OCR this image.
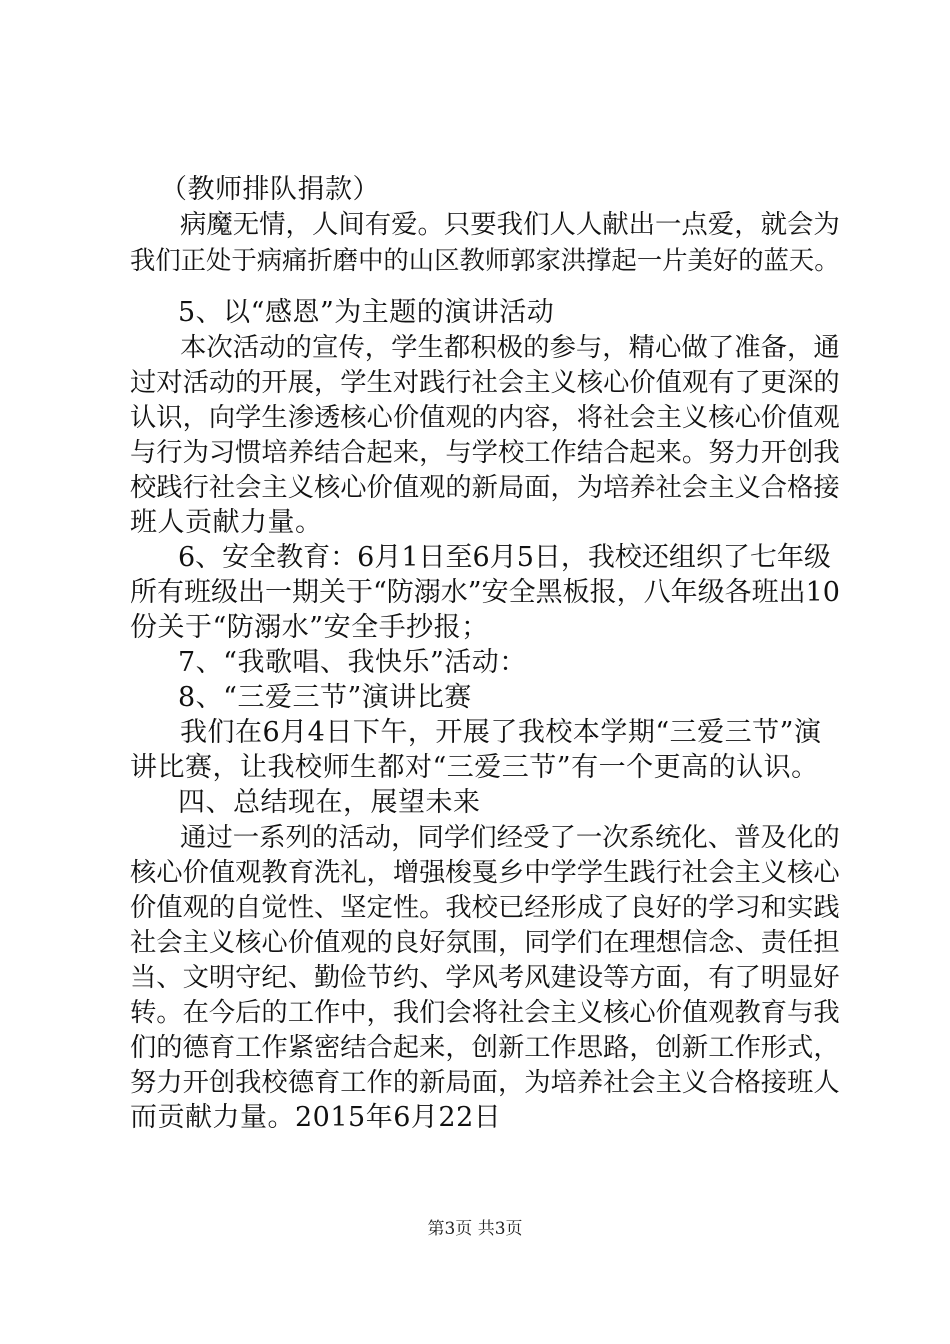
（教师排队捐款）
病魔无情，人间有爱。只要我们人人献出一点爱，就会为
我们正处于病痛折磨中的山区教师郭家洪撑起一片美好的蓝天。
5、以“感恩”为主题的演讲活动
本次活动的宣传，学生都积极的参与，精心做了准备，通
过对活动的开展，学生对践行社会主义核心价值观有了更深的
认识，向学生渗透核心价值观的内容，将社会主义核心价值观
与行为习惯培养结合起来，与学校工作结合起来。努力开创我
校践行社会主义核心价值观的新局面，为培养社会主义合格接
班人贡献力量。
6、安全教育：6月1日至6月5日，我校还组织了七年级
所有班级出一期关于“防溺水”安全黑板报，八年级各班出10
份关于“防溺水”安全手抄报；
7、“我歌唱、我快乐”活动：
8、“三爱三节”演讲比赛
我们在6月4日下午，开展了我校本学期“三爱三节”演
讲比赛，让我校师生都对“三爱三节”有一个更高的认识。
四、总结现在，展望未来
通过一系列的活动，同学们经受了一次系统化、普及化的
核心价值观教育洗礼，增强梭戛乡中学学生践行社会主义核心
价值观的自觉性、坚定性。我校已经形成了良好的学习和实践
社会主义核心价值观的良好氛围，同学们在理想信念、责任担
当、文明守纪、勤俭节约、学风考风建设等方面，有了明显好
转。在今后的工作中，我们会将社会主义核心价值观教育与我
们的德育工作紧密结合起来，创新工作思路，创新工作形式，
努力开创我校德育工作的新局面，为培养社会主义合格接班人
而贡献力量。2015年6月22日
第3页 共3页
